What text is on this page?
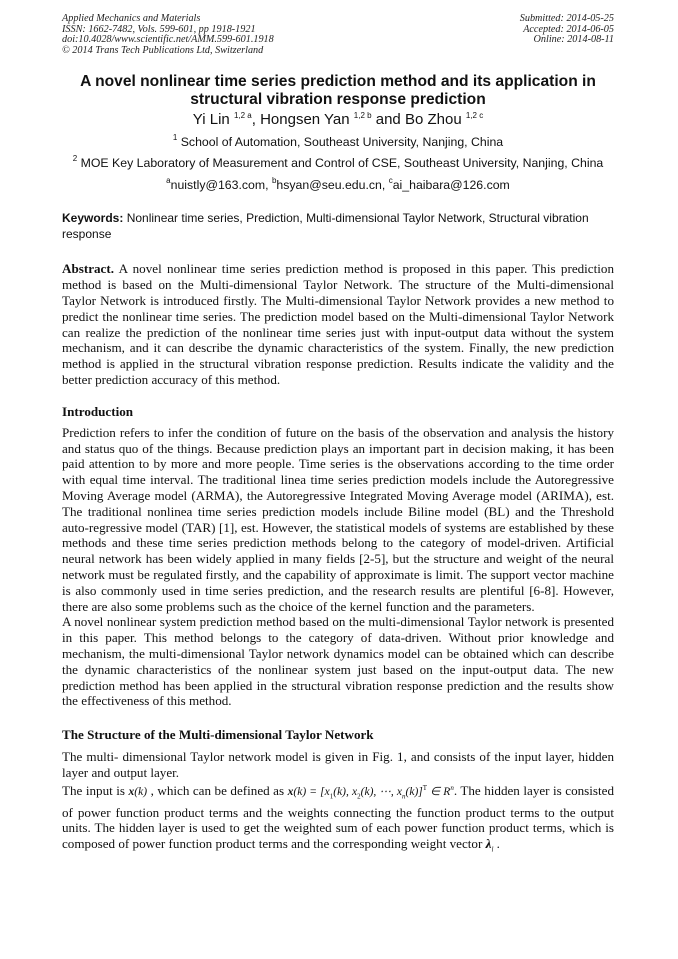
Applied Mechanics and Materials
ISSN: 1662-7482, Vols. 599-601, pp 1918-1921
doi:10.4028/www.scientific.net/AMM.599-601.1918
© 2014 Trans Tech Publications Ltd, Switzerland
Submitted: 2014-05-25
Accepted: 2014-06-05
Online: 2014-08-11
A novel nonlinear time series prediction method and its application in
structural vibration response prediction
Yi Lin $^{1,2 a}$, Hongsen Yan $^{1,2 b}$ and Bo Zhou $^{1,2 c}$
$^1$ School of Automation, Southeast University, Nanjing, China
$^2$ MOE Key Laboratory of Measurement and Control of CSE, Southeast University, Nanjing, China
$^a$nuistly@163.com, $^b$hsyan@seu.edu.cn, $^c$ai_haibara@126.com
Keywords: Nonlinear time series, Prediction, Multi-dimensional Taylor Network, Structural vibration response
Abstract. A novel nonlinear time series prediction method is proposed in this paper. This prediction method is based on the Multi-dimensional Taylor Network. The structure of the Multi-dimensional Taylor Network is introduced firstly. The Multi-dimensional Taylor Network provides a new method to predict the nonlinear time series. The prediction model based on the Multi-dimensional Taylor Network can realize the prediction of the nonlinear time series just with input-output data without the system mechanism, and it can describe the dynamic characteristics of the system. Finally, the new prediction method is applied in the structural vibration response prediction. Results indicate the validity and the better prediction accuracy of this method.
Introduction
Prediction refers to infer the condition of future on the basis of the observation and analysis the history and status quo of the things. Because prediction plays an important part in decision making, it has been paid attention to by more and more people. Time series is the observations according to the time order with equal time interval. The traditional linea time series prediction models include the Autoregressive Moving Average model (ARMA), the Autoregressive Integrated Moving Average model (ARIMA), est. The traditional nonlinea time series prediction models include Biline model (BL) and the Threshold auto-regressive model (TAR) [1], est. However, the statistical models of systems are established by these methods and these time series prediction methods belong to the category of model-driven. Artificial neural network has been widely applied in many fields [2-5], but the structure and weight of the neural network must be regulated firstly, and the capability of approximate is limit. The support vector machine is also commonly used in time series prediction, and the research results are plentiful [6-8]. However, there are also some problems such as the choice of the kernel function and the parameters.
A novel nonlinear system prediction method based on the multi-dimensional Taylor network is presented in this paper. This method belongs to the category of data-driven. Without prior knowledge and mechanism, the multi-dimensional Taylor network dynamics model can be obtained which can describe the dynamic characteristics of the nonlinear system just based on the input-output data. The new prediction method has been applied in the structural vibration response prediction and the results show the effectiveness of this method.
The Structure of the Multi-dimensional Taylor Network
The multi- dimensional Taylor network model is given in Fig. 1, and consists of the input layer, hidden layer and output layer.
The input is x(k) , which can be defined as $x(k) = [x_1(k)$, $x_2(k)$, ⋯, $x_n(k)]^T$ ∈ $R^n$. The hidden layer is consisted of power function product terms and the weights connecting the function product terms to the output units. The hidden layer is used to get the weighted sum of each power function product terms, which is composed of power function product terms and the corresponding weight vector $\lambda_l$ .
